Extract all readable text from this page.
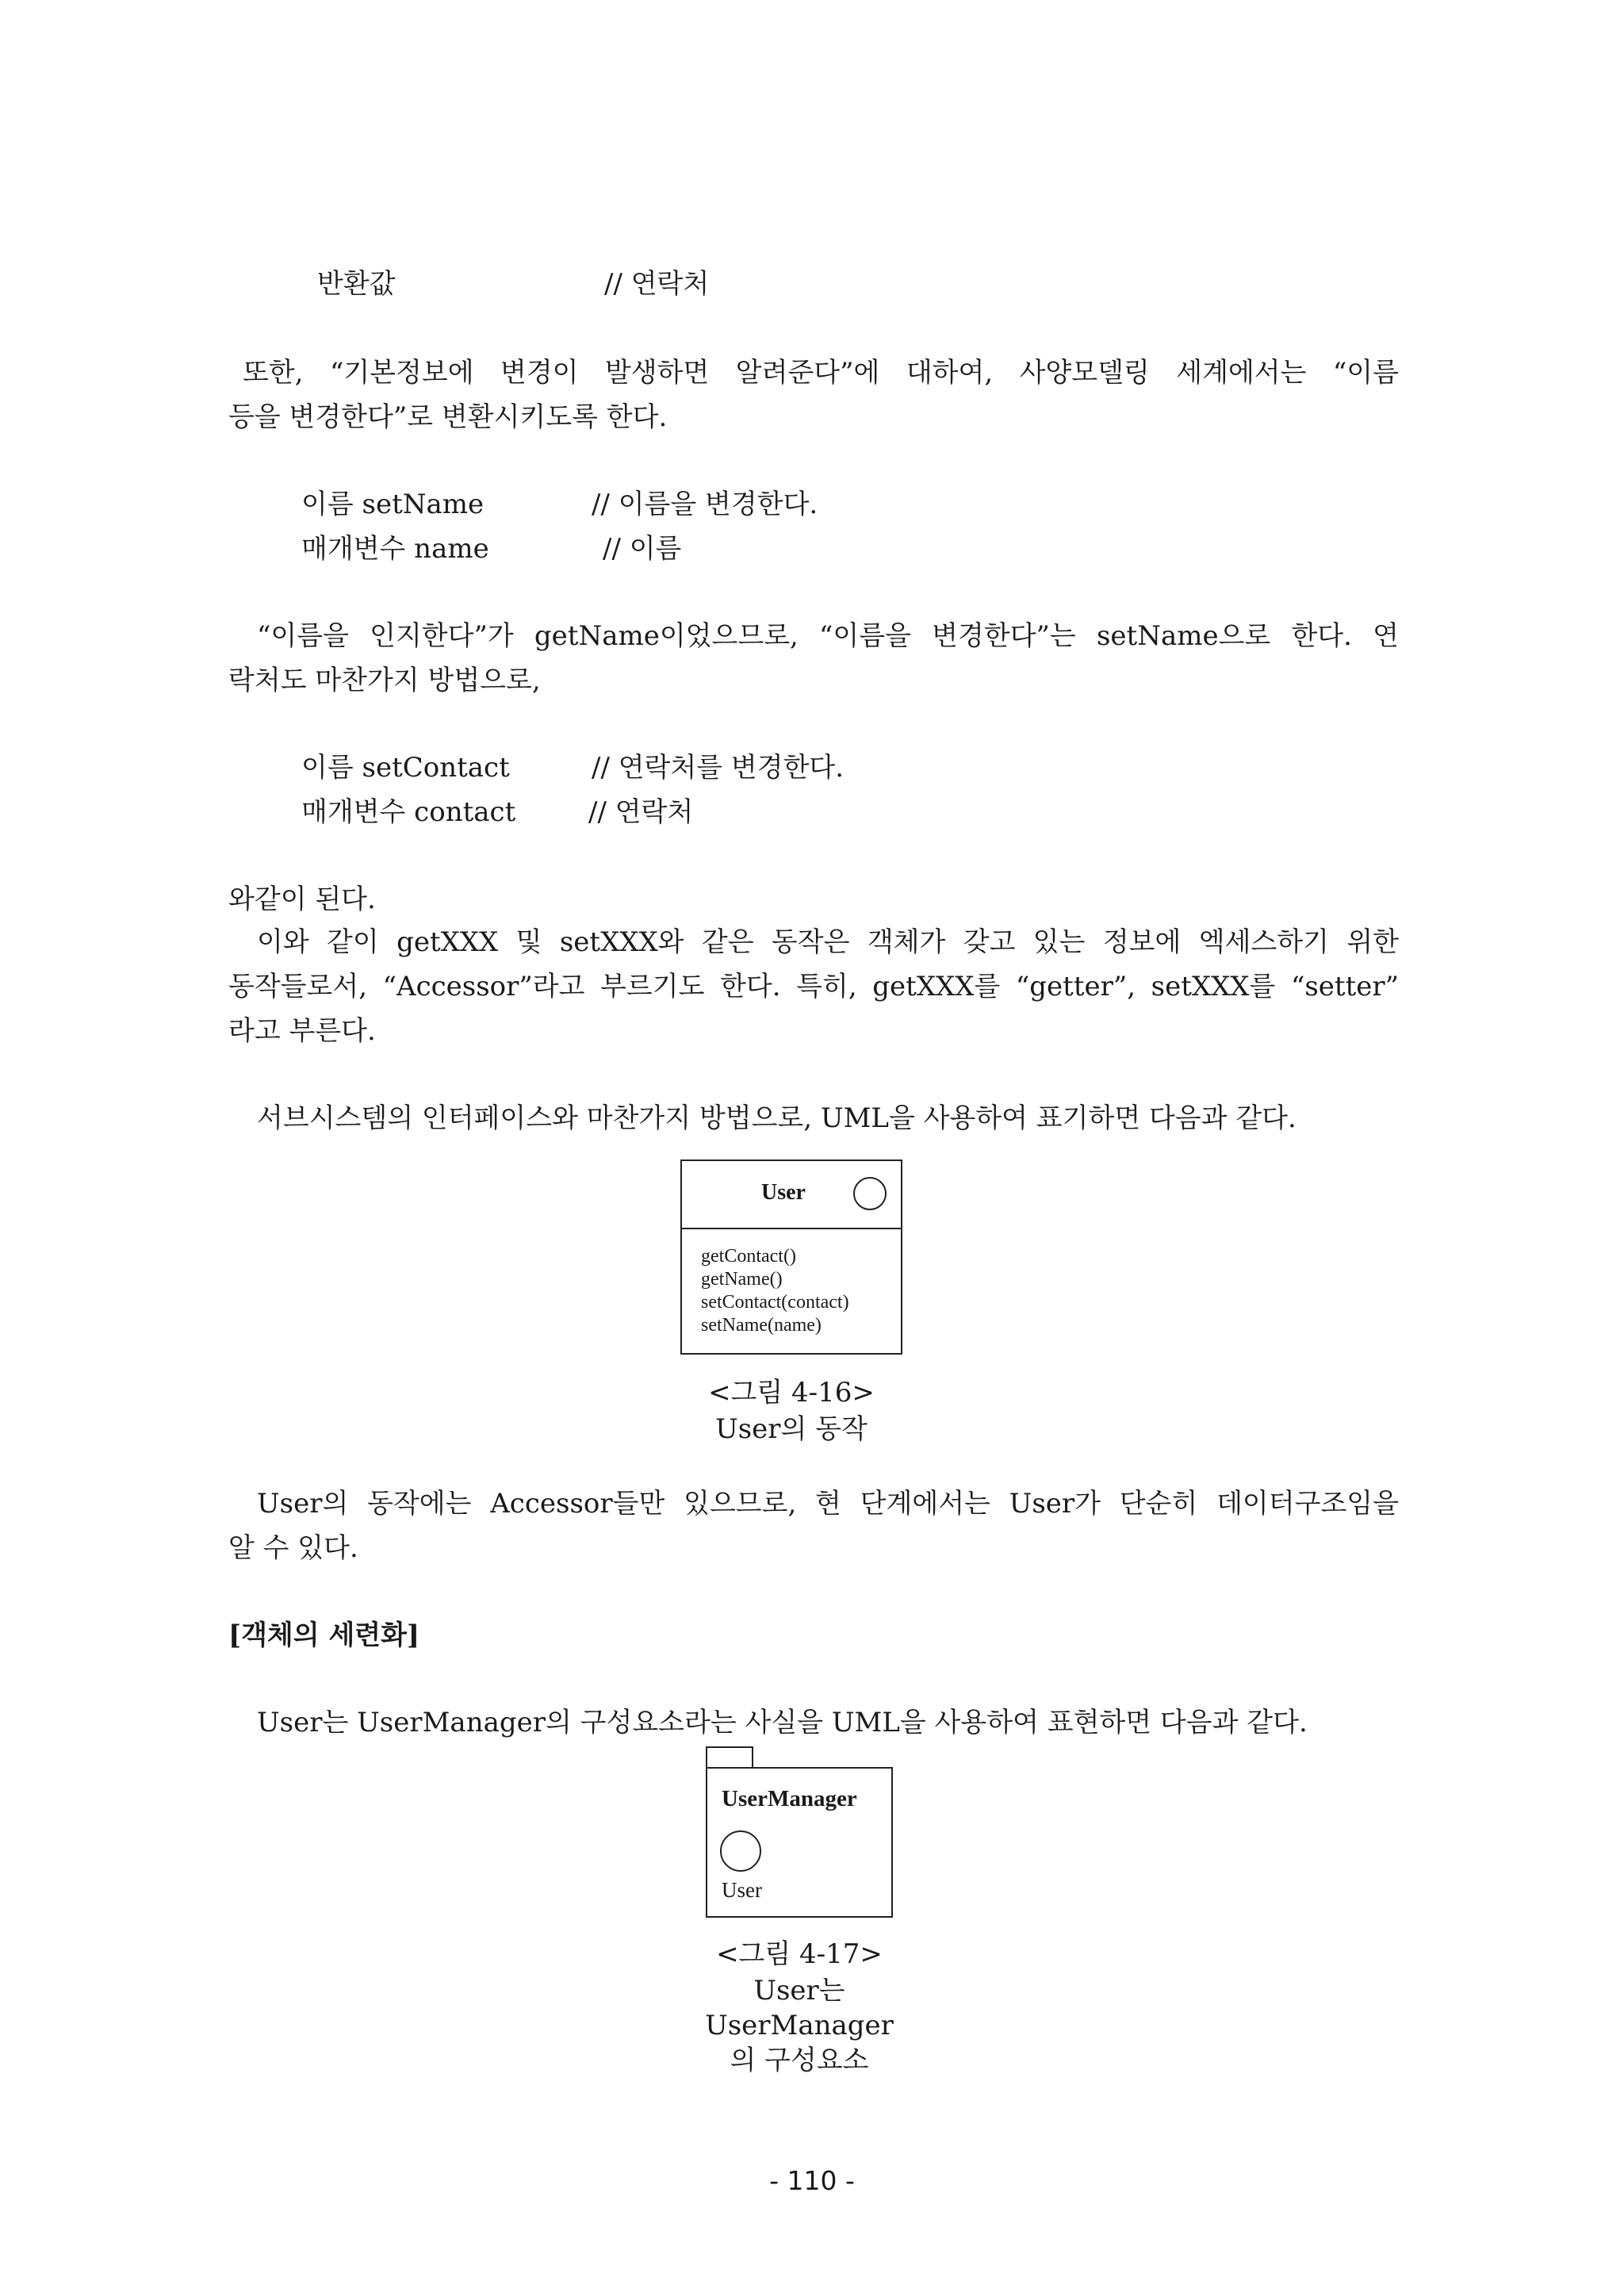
반환값	// 연락처
또한, “기본정보에 변경이 발생하면 알려준다”에 대하여, 사양모델링 세계에서는 “이름
등을 변경한다”로 변환시키도록 한다.
이름 setName	// 이름을 변경한다.
매개변수 name	// 이름
“이름을 인지한다”가 getName이었으므로, “이름을 변경한다”는 setName으로 한다. 연
락처도 마찬가지 방법으로,
이름 setContact	// 연락처를 변경한다.
매개변수 contact	// 연락처
와같이 된다.
이와 같이 getXXX 및 setXXX와 같은 동작은 객체가 갖고 있는 정보에 엑세스하기 위한
동작들로서, “Accessor”라고 부르기도 한다. 특히, getXXX를 “getter”, setXXX를 “setter”
라고 부른다.
서브시스템의 인터페이스와 마찬가지 방법으로, UML을 사용하여 표기하면 다음과 같다.
User
getContact()
getName()
setContact(contact)
setName(name)
<그림 4-16>
User의 동작
User의 동작에는 Accessor들만 있으므로, 현 단계에서는 User가 단순히 데이터구조임을
알 수 있다.
[객체의 세련화]
User는 UserManager의 구성요소라는 사실을 UML을 사용하여 표현하면 다음과 같다.
UserManager
User
<그림 4-17>
User는
UserManager
의 구성요소
- 110 -
